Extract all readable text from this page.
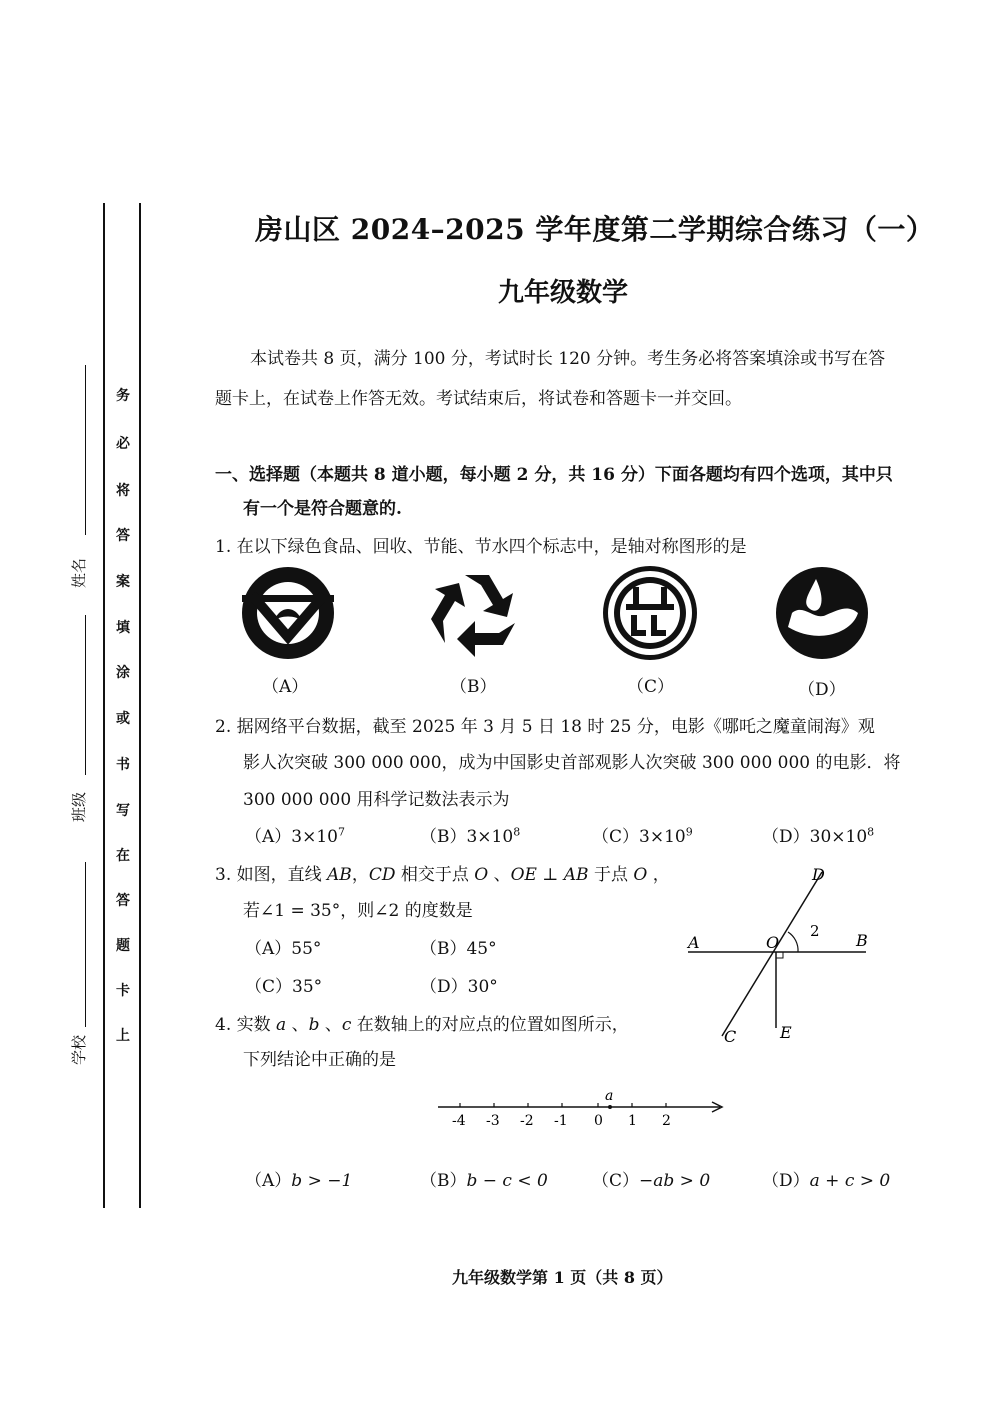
务
必
将
答
案
填
涂
或
书
写
在
答
题
卡
上
姓名
班级
学校
房山区 2024–2025 学年度第二学期综合练习（一）
九年级数学
本试卷共 8 页，满分 100 分，考试时长 120 分钟。考生务必将答案填涂或书写在答
题卡上，在试卷上作答无效。考试结束后，将试卷和答题卡一并交回。
一、选择题（本题共 8 道小题，每小题 2 分，共 16 分）下面各题均有四个选项，其中只
有一个是符合题意的.
1. 在以下绿色食品、回收、节能、节水四个标志中，是轴对称图形的是
（A）	（B）	（C）	（D）
2. 据网络平台数据，截至 2025 年 3 月 5 日 18 时 25 分，电影《哪吒之魔童闹海》观
影人次突破 300 000 000，成为中国影史首部观影人次突破 300 000 000 的电影．将
300 000 000 用科学记数法表示为
$(A)3\times 10^7$	$(B)3\times 10^8$	$(C)3\times 10^9$	$(D)30\times 10^8$
3. 如图，直线 AB，CD 相交于点 O 、OE ⊥ AB 于点 O ，
若∠1 = 35°，则∠2 的度数是
（A）55°	（B）45°
（C）35°	（D）30°
D
A	O	B
C	E
2
4. 实数 a 、b 、c 在数轴上的对应点的位置如图所示，
下列结论中正确的是
a
-4 -3 -2 -1 0 1 2
（A）b > −1	（B）b − c < 0	（C）−ab > 0	（D）a + c > 0
九年级数学第 1 页（共 8 页）
